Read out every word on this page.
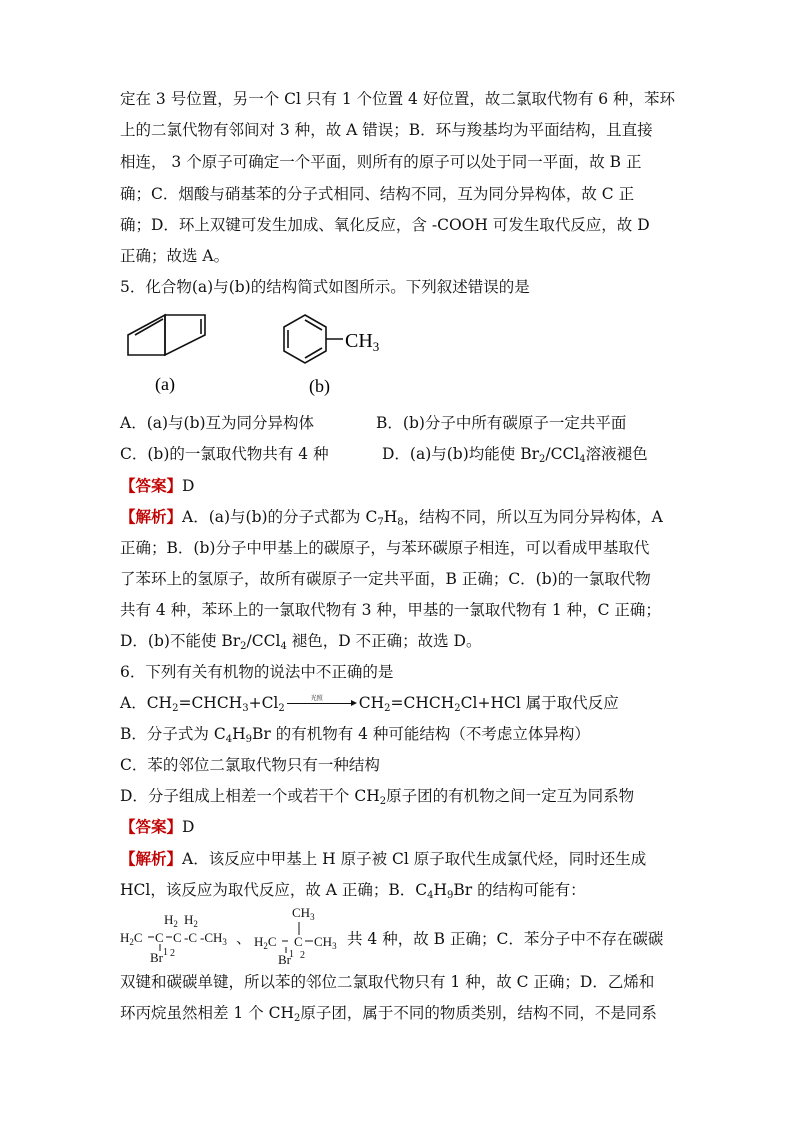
定在 3 号位置，另一个 Cl 只有 1 个位置 4 好位置，故二氯取代物有 6 种，苯环
上的二氯代物有邻间对 3 种，故 A 错误；B．环与羧基均为平面结构，且直接
相连， 3 个原子可确定一个平面，则所有的原子可以处于同一平面，故 B 正
确；C．烟酸与硝基苯的分子式相同、结构不同，互为同分异构体，故 C 正
确；D．环上双键可发生加成、氧化反应，含 -COOH 可发生取代反应，故 D
正确；故选 A。
5．化合物(a)与(b)的结构简式如图所示。下列叙述错误的是
(a)
$CH_3$
(b)
A．(a)与(b)互为同分异构体	B．(b)分子中所有碳原子一定共平面
C．(b)的一氯取代物共有 4 种	D．(a)与(b)均能使 $Br_2/CCl_4$溶液褪色
【答案】D
【解析】A．(a)与(b)的分子式都为 $C_7H_8$，结构不同，所以互为同分异构体，A
正确；B．(b)分子中甲基上的碳原子，与苯环碳原子相连，可以看成甲基取代
了苯环上的氢原子，故所有碳原子一定共平面，B 正确；C．(b)的一氯取代物
共有 4 种，苯环上的一氯取代物有 3 种，甲基的一氯取代物有 1 种，C 正确；
D．(b)不能使 $Br_2/CCl_4$ 褪色，D 不正确；故选 D。
6．下列有关有机物的说法中不正确的是
A．$CH_2=CHCH_3+Cl_2$
光照 $CH_2=CHCH_2Cl+HCl$ 属于取代反应
B．分子式为 $C_4H_9Br$ 的有机物有 4 种可能结构（不考虑立体异构）
C．苯的邻位二氯取代物只有一种结构
D．分子组成上相差一个或若干个 $CH_2$原子团的有机物之间一定互为同系物
【答案】D
【解析】A．该反应中甲基上 H 原子被 Cl 原子取代生成氯代烃，同时还生成
HCl，该反应为取代反应，故 A 正确；B．$C_4H_9Br$ 的结构可能有：
$H_2C$ C
Br 1
$H_2$
C
2
$H_2$
-C $-CH_3$ 、 $H_2C$
Br
1
$CH_3$
C
2
$CH_3$ 共 4 种，故 B 正确；C．苯分子中不存在碳碳
双键和碳碳单键，所以苯的邻位二氯取代物只有 1 种，故 C 正确；D．乙烯和
环丙烷虽然相差 1 个 $CH_2$原子团，属于不同的物质类别，结构不同，不是同系
